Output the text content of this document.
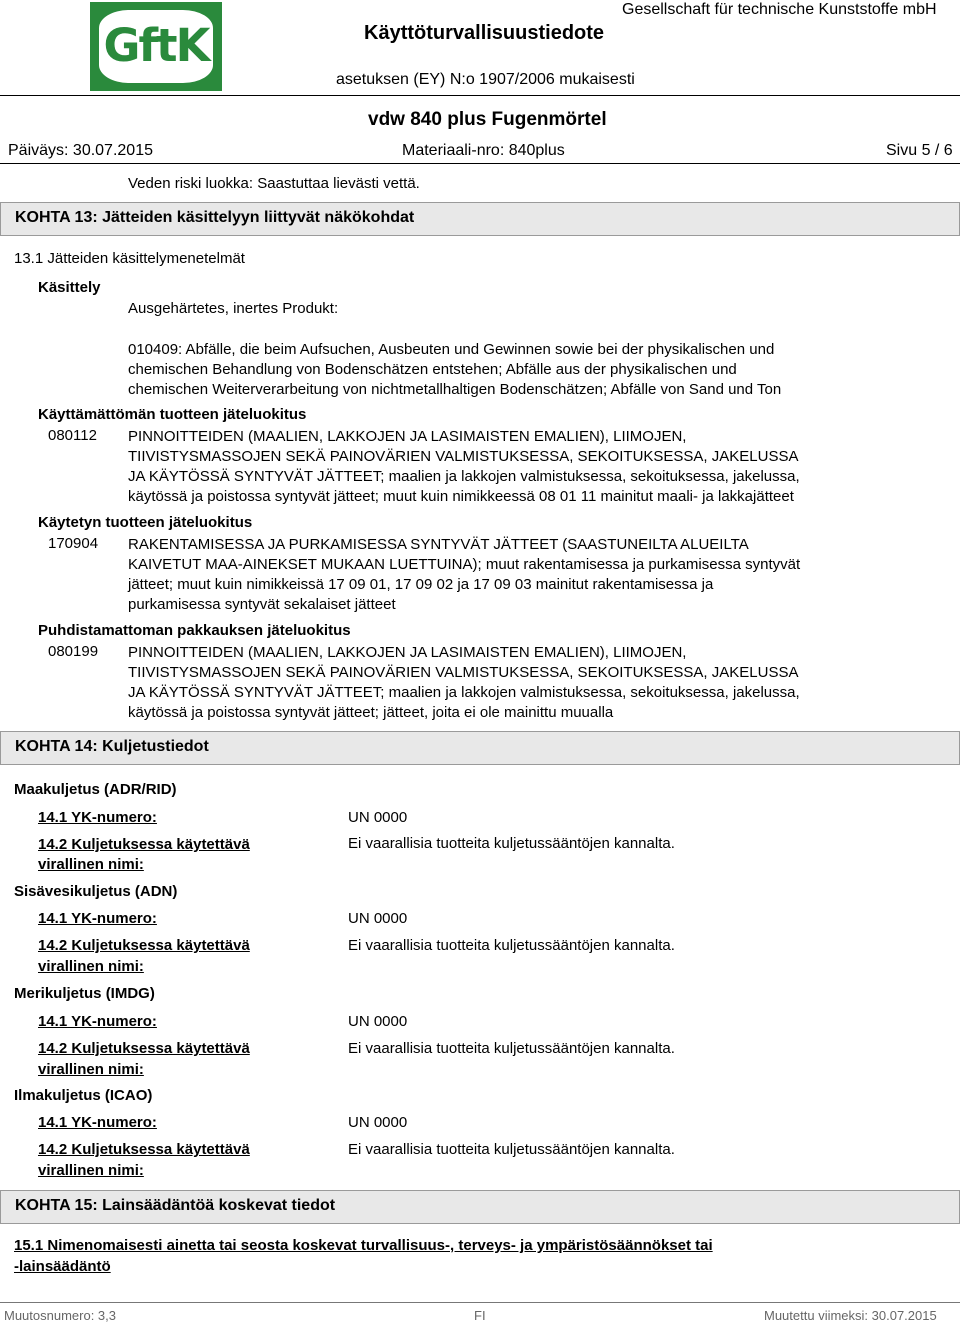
GftK	Käyttöturvallisuustiedote
Gesellschaft für technische Kunststoffe mbH
asetuksen (EY) N:o 1907/2006 mukaisesti
vdw 840 plus Fugenmörtel
Päiväys: 30.07.2015	Materiaali-nro: 840plus	Sivu 5 / 6
Veden riski luokka: Saastuttaa lievästi vettä.
KOHTA 13: Jätteiden käsittelyyn liittyvät näkökohdat
13.1 Jätteiden käsittelymenetelmät
Käsittely
Ausgehärtetes, inertes Produkt:
010409: Abfälle, die beim Aufsuchen, Ausbeuten und Gewinnen sowie bei der physikalischen und
chemischen Behandlung von Bodenschätzen entstehen; Abfälle aus der physikalischen und
chemischen Weiterverarbeitung von nichtmetallhaltigen Bodenschätzen; Abfälle von Sand und Ton
Käyttämättömän tuotteen jäteluokitus
080112 PINNOITTEIDEN (MAALIEN, LAKKOJEN JA LASIMAISTEN EMALIEN), LIIMOJEN,
TIIVISTYSMASSOJEN SEKÄ PAINOVÄRIEN VALMISTUKSESSA, SEKOITUKSESSA, JAKELUSSA
JA KÄYTÖSSÄ SYNTYVÄT JÄTTEET; maalien ja lakkojen valmistuksessa, sekoituksessa, jakelussa,
käytössä ja poistossa syntyvät jätteet; muut kuin nimikkeessä 08 01 11 mainitut maali- ja lakkajätteet
Käytetyn tuotteen jäteluokitus
170904 RAKENTAMISESSA JA PURKAMISESSA SYNTYVÄT JÄTTEET (SAASTUNEILTA ALUEILTA
KAIVETUT MAA-AINEKSET MUKAAN LUETTUINA); muut rakentamisessa ja purkamisessa syntyvät
jätteet; muut kuin nimikkeissä 17 09 01, 17 09 02 ja 17 09 03 mainitut rakentamisessa ja
purkamisessa syntyvät sekalaiset jätteet
Puhdistamattoman pakkauksen jäteluokitus
080199 PINNOITTEIDEN (MAALIEN, LAKKOJEN JA LASIMAISTEN EMALIEN), LIIMOJEN,
TIIVISTYSMASSOJEN SEKÄ PAINOVÄRIEN VALMISTUKSESSA, SEKOITUKSESSA, JAKELUSSA
JA KÄYTÖSSÄ SYNTYVÄT JÄTTEET; maalien ja lakkojen valmistuksessa, sekoituksessa, jakelussa,
käytössä ja poistossa syntyvät jätteet; jätteet, joita ei ole mainittu muualla
KOHTA 14: Kuljetustiedot
Maakuljetus (ADR/RID)
14.1 YK-numero:	UN 0000
14.2 Kuljetuksessa käytettävä
virallinen nimi:
Ei vaarallisia tuotteita kuljetussääntöjen kannalta.
Sisävesikuljetus (ADN)
14.1 YK-numero:	UN 0000
14.2 Kuljetuksessa käytettävä
virallinen nimi:
Ei vaarallisia tuotteita kuljetussääntöjen kannalta.
Merikuljetus (IMDG)
14.1 YK-numero:	UN 0000
14.2 Kuljetuksessa käytettävä
virallinen nimi:
Ei vaarallisia tuotteita kuljetussääntöjen kannalta.
Ilmakuljetus (ICAO)
14.1 YK-numero:	UN 0000
14.2 Kuljetuksessa käytettävä
virallinen nimi:
Ei vaarallisia tuotteita kuljetussääntöjen kannalta.
KOHTA 15: Lainsäädäntöä koskevat tiedot
15.1 Nimenomaisesti ainetta tai seosta koskevat turvallisuus-, terveys- ja ympäristösäännökset tai
-lainsäädäntö
Muutosnumero: 3,3	FI	Muutettu viimeksi: 30.07.2015
